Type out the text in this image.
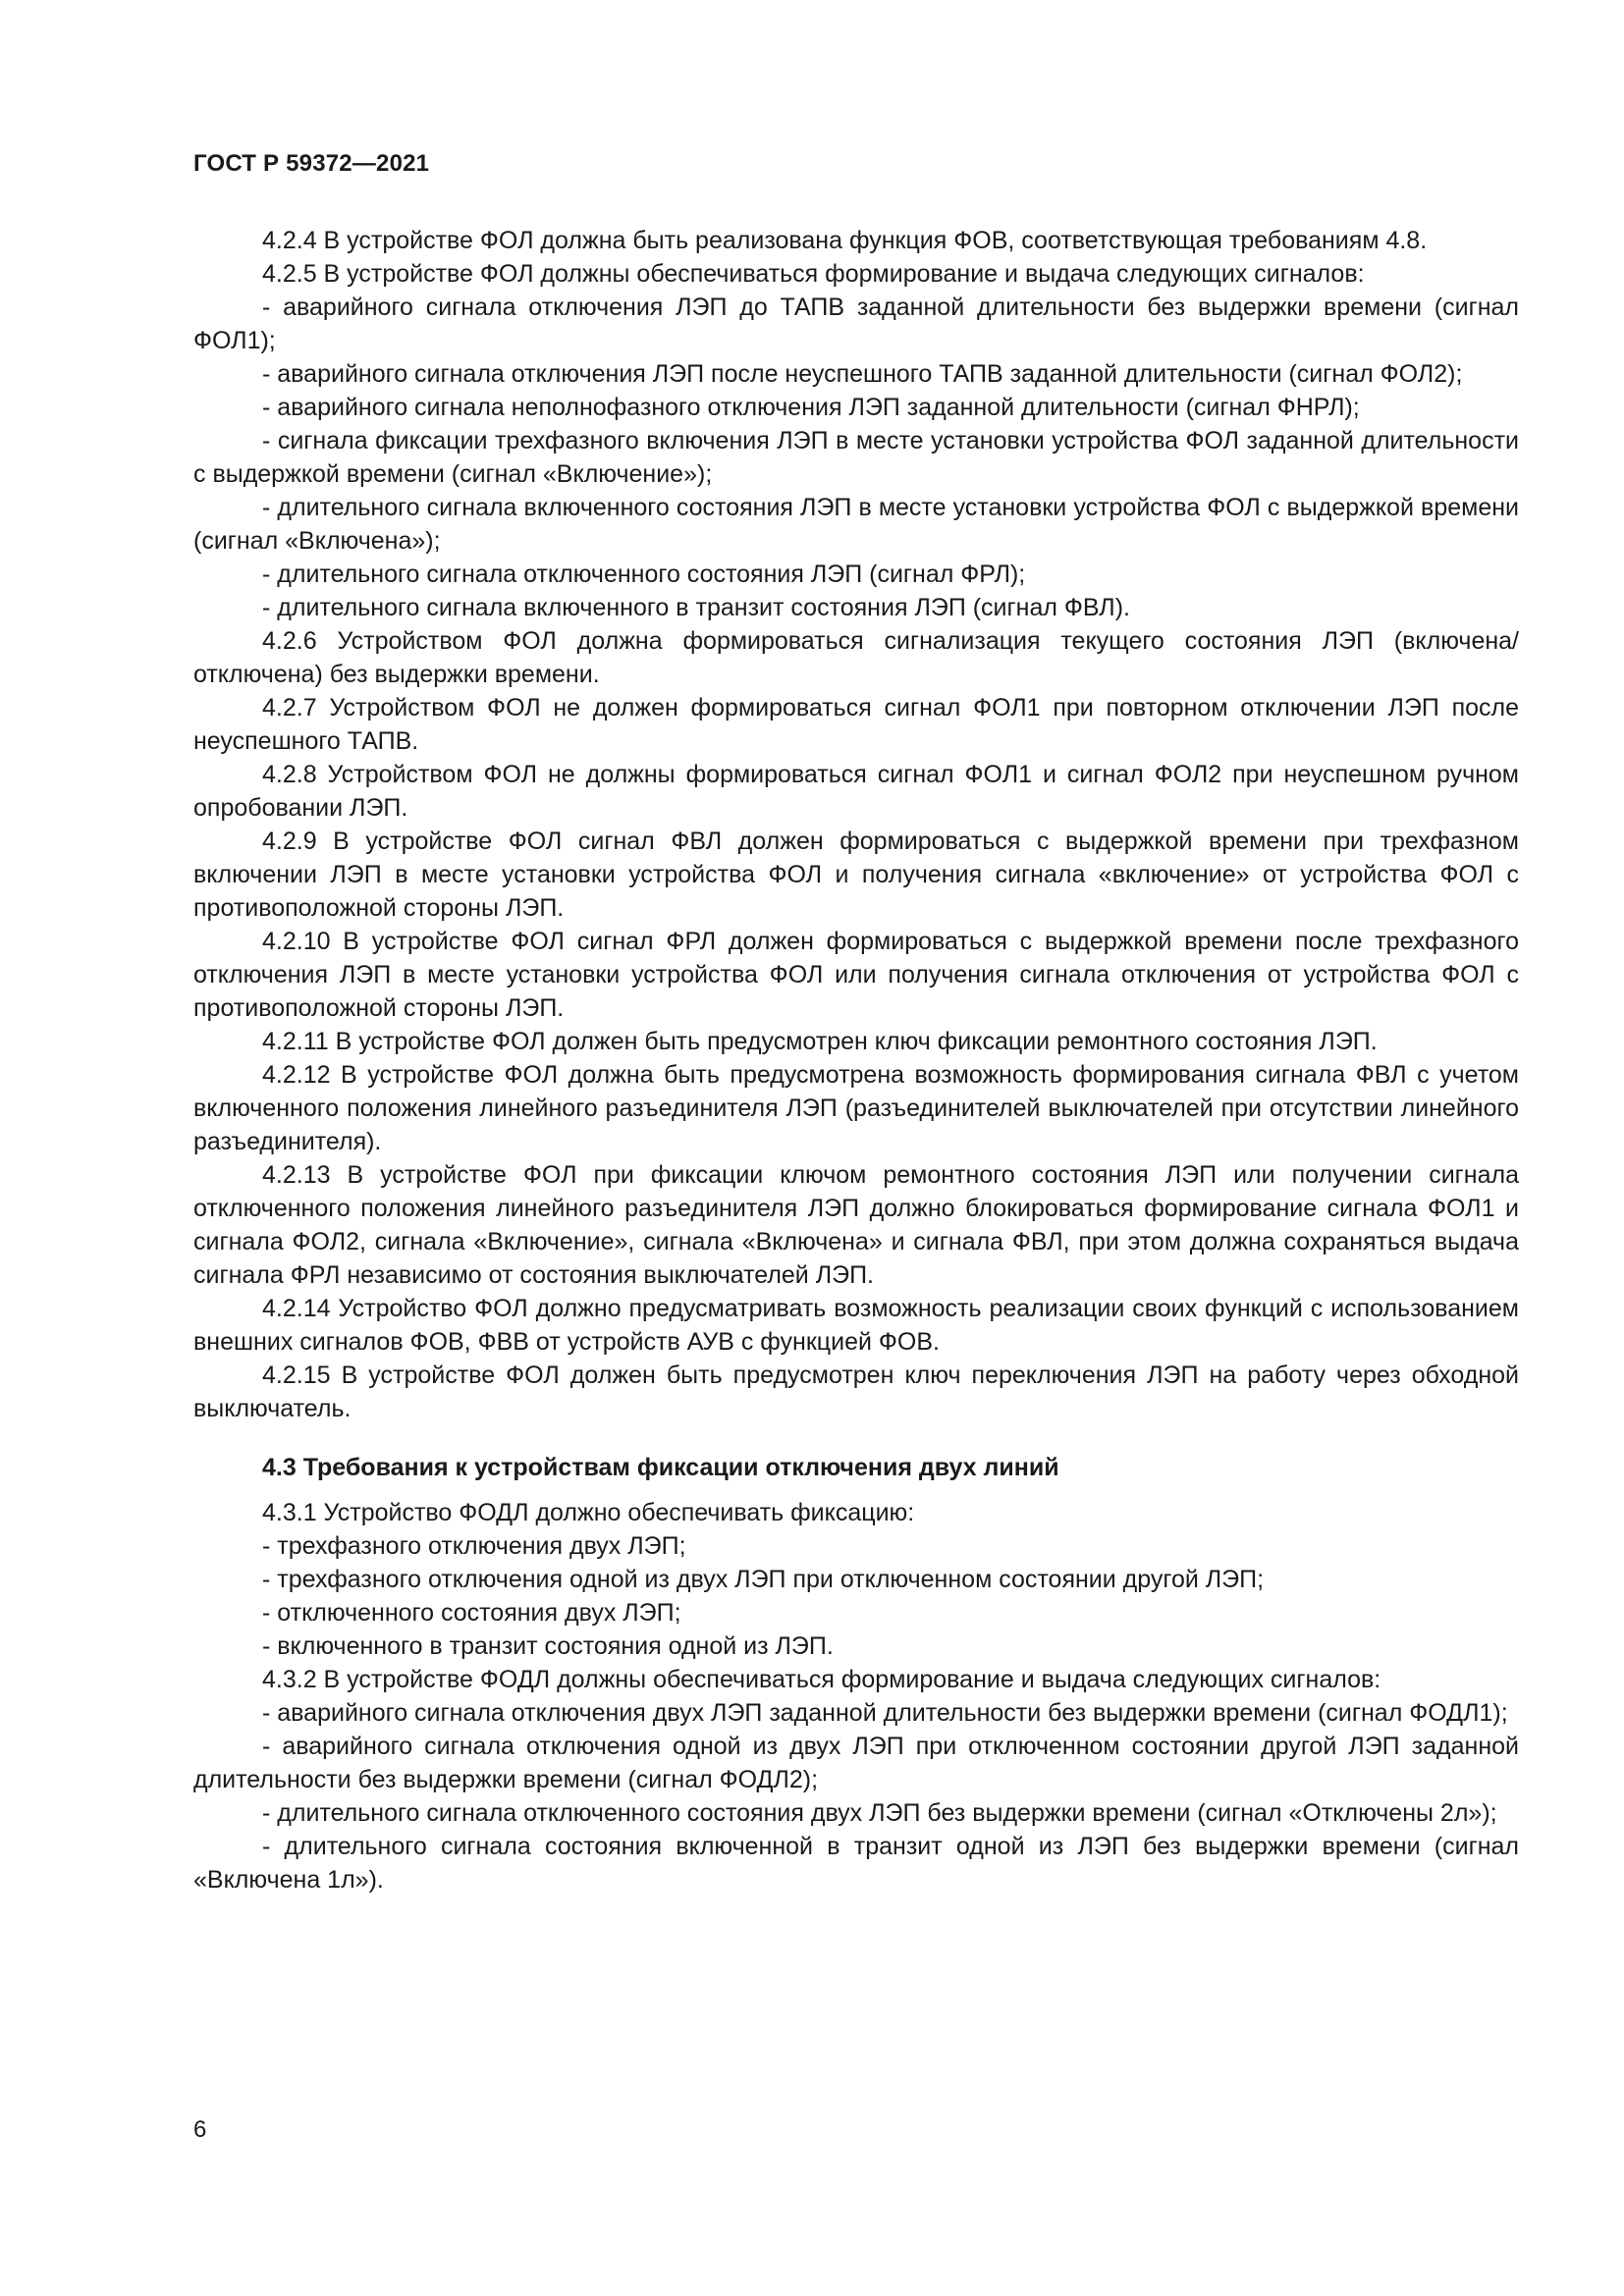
ГОСТ Р 59372—2021

4.2.4 В устройстве ФОЛ должна быть реализована функция ФОВ, соответствующая требованиям 4.8.

4.2.5 В устройстве ФОЛ должны обеспечиваться формирование и выдача следующих сигналов:

- аварийного сигнала отключения ЛЭП до ТАПВ заданной длительности без выдержки времени (сигнал ФОЛ1);

- аварийного сигнала отключения ЛЭП после неуспешного ТАПВ заданной длительности (сигнал ФОЛ2);

- аварийного сигнала неполнофазного отключения ЛЭП заданной длительности (сигнал ФНРЛ);

- сигнала фиксации трехфазного включения ЛЭП в месте установки устройства ФОЛ заданной длительности с выдержкой времени (сигнал «Включение»);

- длительного сигнала включенного состояния ЛЭП в месте установки устройства ФОЛ с выдержкой времени (сигнал «Включена»);

- длительного сигнала отключенного состояния ЛЭП (сигнал ФРЛ);

- длительного сигнала включенного в транзит состояния ЛЭП (сигнал ФВЛ).

4.2.6 Устройством ФОЛ должна формироваться сигнализация текущего состояния ЛЭП (включена/отключена) без выдержки времени.

4.2.7 Устройством ФОЛ не должен формироваться сигнал ФОЛ1 при повторном отключении ЛЭП после неуспешного ТАПВ.

4.2.8 Устройством ФОЛ не должны формироваться сигнал ФОЛ1 и сигнал ФОЛ2 при неуспешном ручном опробовании ЛЭП.

4.2.9 В устройстве ФОЛ сигнал ФВЛ должен формироваться с выдержкой времени при трехфазном включении ЛЭП в месте установки устройства ФОЛ и получения сигнала «включение» от устройства ФОЛ с противоположной стороны ЛЭП.

4.2.10 В устройстве ФОЛ сигнал ФРЛ должен формироваться с выдержкой времени после трехфазного отключения ЛЭП в месте установки устройства ФОЛ или получения сигнала отключения от устройства ФОЛ с противоположной стороны ЛЭП.

4.2.11 В устройстве ФОЛ должен быть предусмотрен ключ фиксации ремонтного состояния ЛЭП.

4.2.12 В устройстве ФОЛ должна быть предусмотрена возможность формирования сигнала ФВЛ с учетом включенного положения линейного разъединителя ЛЭП (разъединителей выключателей при отсутствии линейного разъединителя).

4.2.13 В устройстве ФОЛ при фиксации ключом ремонтного состояния ЛЭП или получении сигнала отключенного положения линейного разъединителя ЛЭП должно блокироваться формирование сигнала ФОЛ1 и сигнала ФОЛ2, сигнала «Включение», сигнала «Включена» и сигнала ФВЛ, при этом должна сохраняться выдача сигнала ФРЛ независимо от состояния выключателей ЛЭП.

4.2.14 Устройство ФОЛ должно предусматривать возможность реализации своих функций с использованием внешних сигналов ФОВ, ФВВ от устройств АУВ с функцией ФОВ.

4.2.15 В устройстве ФОЛ должен быть предусмотрен ключ переключения ЛЭП на работу через обходной выключатель.

4.3 Требования к устройствам фиксации отключения двух линий

4.3.1 Устройство ФОДЛ должно обеспечивать фиксацию:

- трехфазного отключения двух ЛЭП;

- трехфазного отключения одной из двух ЛЭП при отключенном состоянии другой ЛЭП;

- отключенного состояния двух ЛЭП;

- включенного в транзит состояния одной из ЛЭП.

4.3.2 В устройстве ФОДЛ должны обеспечиваться формирование и выдача следующих сигналов:

- аварийного сигнала отключения двух ЛЭП заданной длительности без выдержки времени (сигнал ФОДЛ1);

- аварийного сигнала отключения одной из двух ЛЭП при отключенном состоянии другой ЛЭП заданной длительности без выдержки времени (сигнал ФОДЛ2);

- длительного сигнала отключенного состояния двух ЛЭП без выдержки времени (сигнал «Отключены 2л»);

- длительного сигнала состояния включенной в транзит одной из ЛЭП без выдержки времени (сигнал «Включена 1л»).

6
